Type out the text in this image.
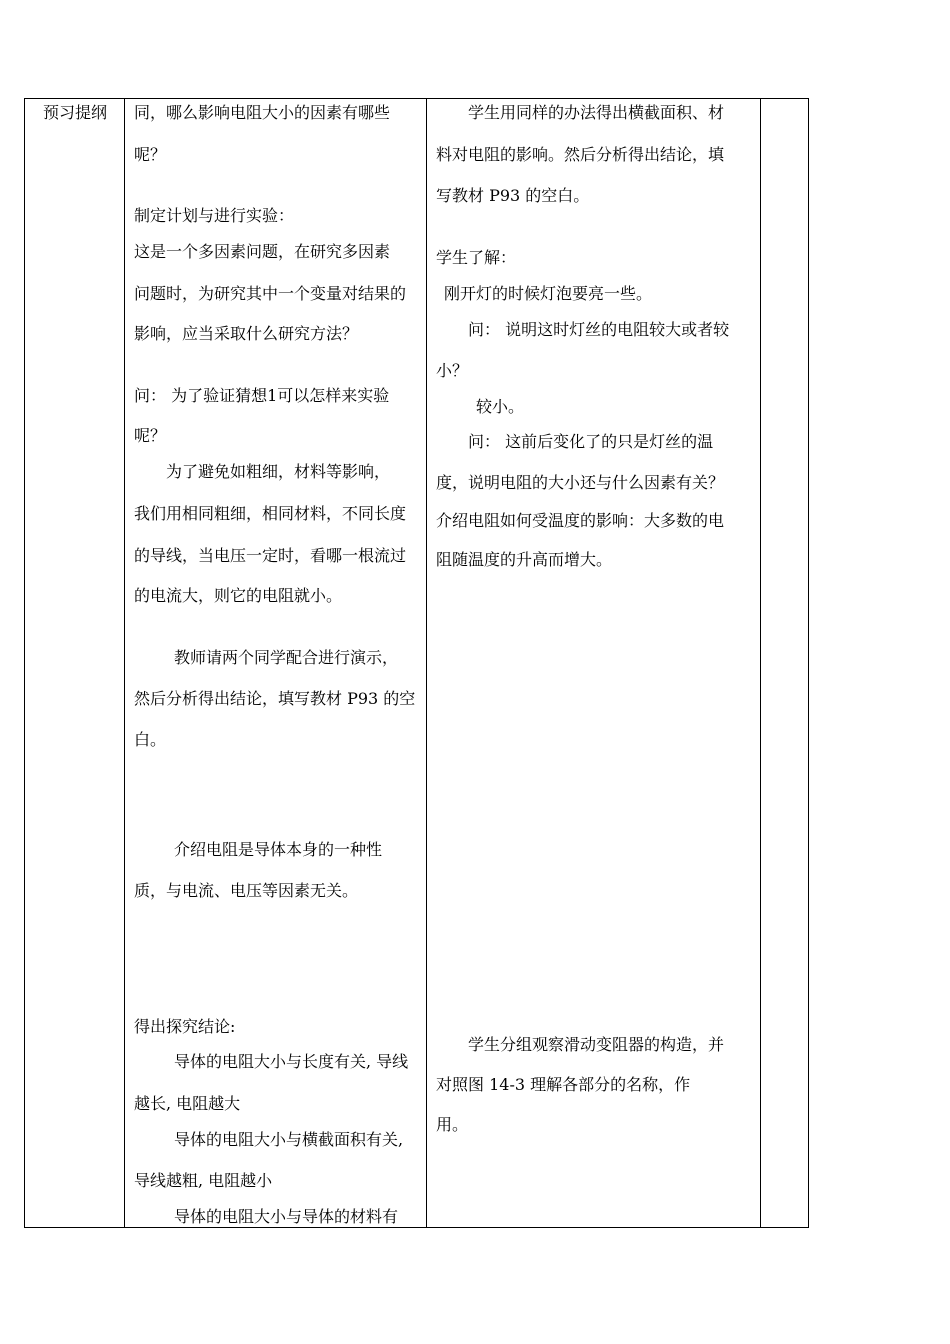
预习提纲 同，哪么影响电阻大小的因素有哪些
呢？
制定计划与进行实验：
这是一个多因素问题，在研究多因素
问题时，为研究其中一个变量对结果的
影响，应当采取什么研究方法？
问： 为了验证猜想1可以怎样来实验
呢？
为了避免如粗细，材料等影响，
我们用相同粗细，相同材料，不同长度
的导线，当电压一定时，看哪一根流过
的电流大，则它的电阻就小。
教师请两个同学配合进行演示，
然后分析得出结论，填写教材 P93 的空
白。
介绍电阻是导体本身的一种性
质，与电流、电压等因素无关。
得出探究结论:
导体的电阻大小与长度有关, 导线
越长, 电阻越大
导体的电阻大小与横截面积有关,
导线越粗, 电阻越小
导体的电阻大小与导体的材料有
学生用同样的办法得出横截面积、材
料对电阻的影响。然后分析得出结论，填
写教材 P93 的空白。
学生了解：
刚开灯的时候灯泡要亮一些。
问： 说明这时灯丝的电阻较大或者较
小？
较小。
问： 这前后变化了的只是灯丝的温
度，说明电阻的大小还与什么因素有关？
介绍电阻如何受温度的影响：大多数的电
阻随温度的升高而增大。
学生分组观察滑动变阻器的构造，并
对照图 14-3 理解各部分的名称，作
用。
